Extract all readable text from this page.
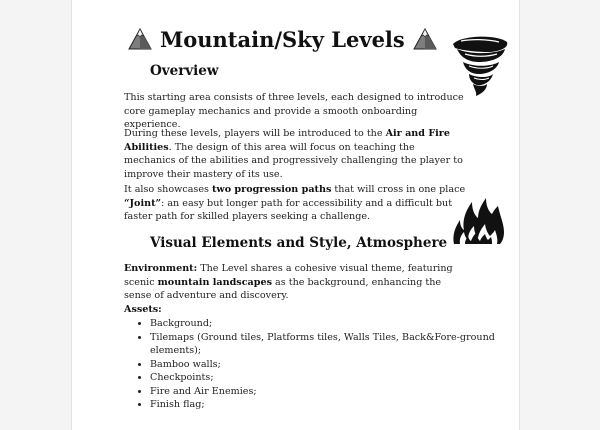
Mountain/Sky Levels
Overview
This starting area consists of three levels, each designed to introduce core gameplay mechanics and provide a smooth onboarding experience.
During these levels, players will be introduced to the Air and Fire Abilities. The design of this area will focus on teaching the mechanics of the abilities and progressively challenging the player to improve their mastery of its use.
It also showcases two progression paths that will cross in one place “Joint”: an easy but longer path for accessibility and a difficult but faster path for skilled players seeking a challenge.
Visual Elements and Style, Atmosphere
Environment: The Level shares a cohesive visual theme, featuring scenic mountain landscapes as the background, enhancing the sense of adventure and discovery.
Assets:
• Background;
• Tilemaps (Ground tiles, Platforms tiles, Walls Tiles, Back&Fore-ground elements);
• Bamboo walls;
• Checkpoints;
• Fire and Air Enemies;
• Finish flag;
